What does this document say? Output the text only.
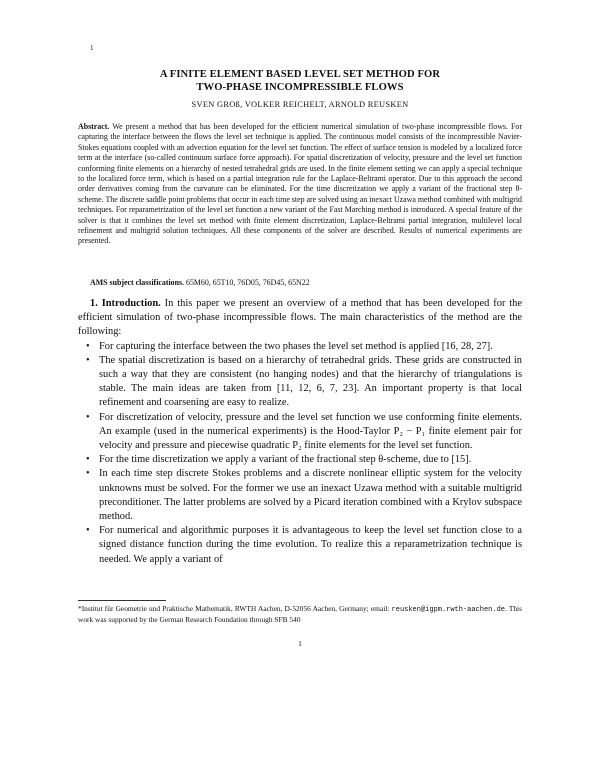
1
A FINITE ELEMENT BASED LEVEL SET METHOD FOR
TWO-PHASE INCOMPRESSIBLE FLOWS
SVEN GROß, VOLKER REICHELT, ARNOLD REUSKEN
Abstract. We present a method that has been developed for the efficient numerical simulation of two-phase incompressible flows. For capturing the interface between the flows the level set technique is applied. The continuous model consists of the incompressible Navier-Stokes equations coupled with an advection equation for the level set function. The effect of surface tension is modeled by a localized force term at the interface (so-called continuum surface force approach). For spatial discretization of velocity, pressure and the level set function conforming finite elements on a hierarchy of nested tetrahedral grids are used. In the finite element setting we can apply a special technique to the localized force term, which is based on a partial integration rule for the Laplace-Beltrami operator. Due to this approach the second order derivatives coming from the curvature can be eliminated. For the time discretization we apply a variant of the fractional step θ-scheme. The discrete saddle point problems that occur in each time step are solved using an inexact Uzawa method combined with multigrid techniques. For reparametrization of the level set function a new variant of the Fast Marching method is introduced. A special feature of the solver is that it combines the level set method with finite element discretization, Laplace-Beltrami partial integration, multilevel local refinement and multigrid solution techniques. All these components of the solver are described. Results of numerical experiments are presented.
AMS subject classifications. 65M60, 65T10, 76D05, 76D45, 65N22

1. Introduction. In this paper we present an overview of a method that has been developed for the efficient simulation of two-phase incompressible flows. The main characteristics of the method are the following:

• For capturing the interface between the two phases the level set method is applied [16, 28, 27].
• The spatial discretization is based on a hierarchy of tetrahedral grids. These grids are constructed in such a way that they are consistent (no hanging nodes) and that the hierarchy of triangulations is stable. The main ideas are taken from [11, 12, 6, 7, 23]. An important property is that local refinement and coarsening are easy to realize.
• For discretization of velocity, pressure and the level set function we use conforming finite elements. An example (used in the numerical experiments) is the Hood-Taylor P₂ − P₁ finite element pair for velocity and pressure and piecewise quadratic P₂ finite elements for the level set function.
• For the time discretization we apply a variant of the fractional step θ-scheme, due to [15].
• In each time step discrete Stokes problems and a discrete nonlinear elliptic system for the velocity unknowns must be solved. For the former we use an inexact Uzawa method with a suitable multigrid preconditioner. The latter problems are solved by a Picard iteration combined with a Krylov subspace method.
• For numerical and algorithmic purposes it is advantageous to keep the level set function close to a signed distance function during the time evolution. To realize this a reparametrization technique is needed. We apply a variant of
*Institut für Geometrie und Praktische Mathematik, RWTH Aachen, D-52056 Aachen, Germany; email: reusken@igpm.rwth-aachen.de. This work was supported by the German Research Foundation through SFB 540
1
